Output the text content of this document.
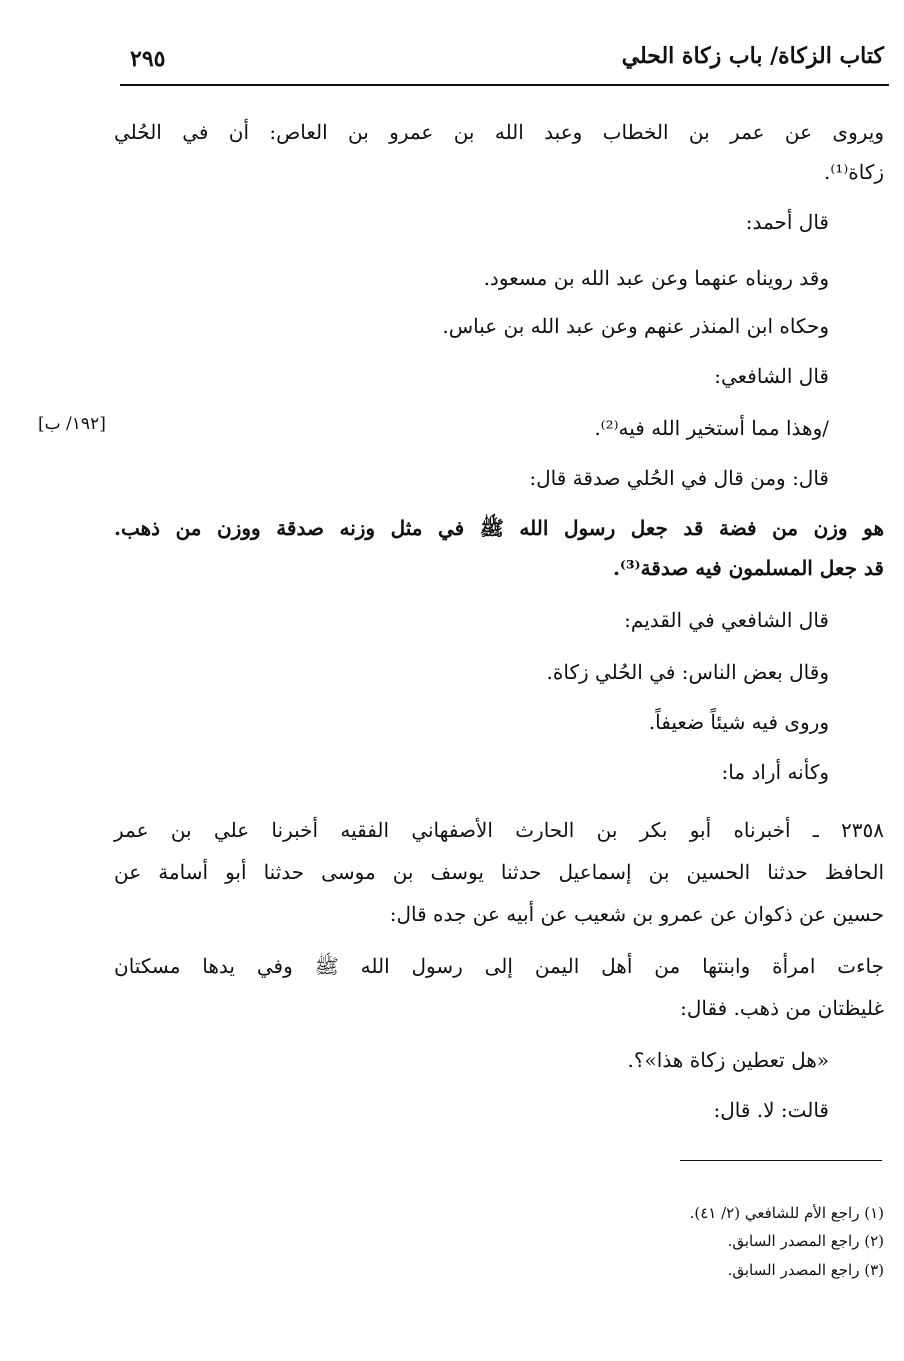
كتاب الزكاة/ باب زكاة الحلي
٢٩٥
[١٩٢/ ب]
ويروى عن عمر بن الخطاب وعبد الله بن عمرو بن العاص: أن في الحُلي
زكاة⁽¹⁾.
قال أحمد:
وقد رويناه عنهما وعن عبد الله بن مسعود.
وحكاه ابن المنذر عنهم وعن عبد الله بن عباس.
قال الشافعي:
/وهذا مما أستخير الله فيه⁽²⁾.
قال: ومن قال في الحُلي صدقة قال:
هو وزن من فضة قد جعل رسول الله ﷺ في مثل وزنه صدقة ووزن من ذهب.
قد جعل المسلمون فيه صدقة⁽³⁾.
قال الشافعي في القديم:
وقال بعض الناس: في الحُلي زكاة.
وروى فيه شيئاً ضعيفاً.
وكأنه أراد ما:
٢٣٥٨ ـ أخبرناه أبو بكر بن الحارث الأصفهاني الفقيه أخبرنا علي بن عمر
الحافظ حدثنا الحسين بن إسماعيل حدثنا يوسف بن موسى حدثنا أبو أسامة عن
حسين عن ذكوان عن عمرو بن شعيب عن أبيه عن جده قال:
جاءت امرأة وابنتها من أهل اليمن إلى رسول الله ﷺ وفي يدها مسكتان
غليظتان من ذهب. فقال:
«هل تعطين زكاة هذا»؟.
قالت: لا. قال:
(١) راجع الأم للشافعي (٢/ ٤١).
(٢) راجع المصدر السابق.
(٣) راجع المصدر السابق.
